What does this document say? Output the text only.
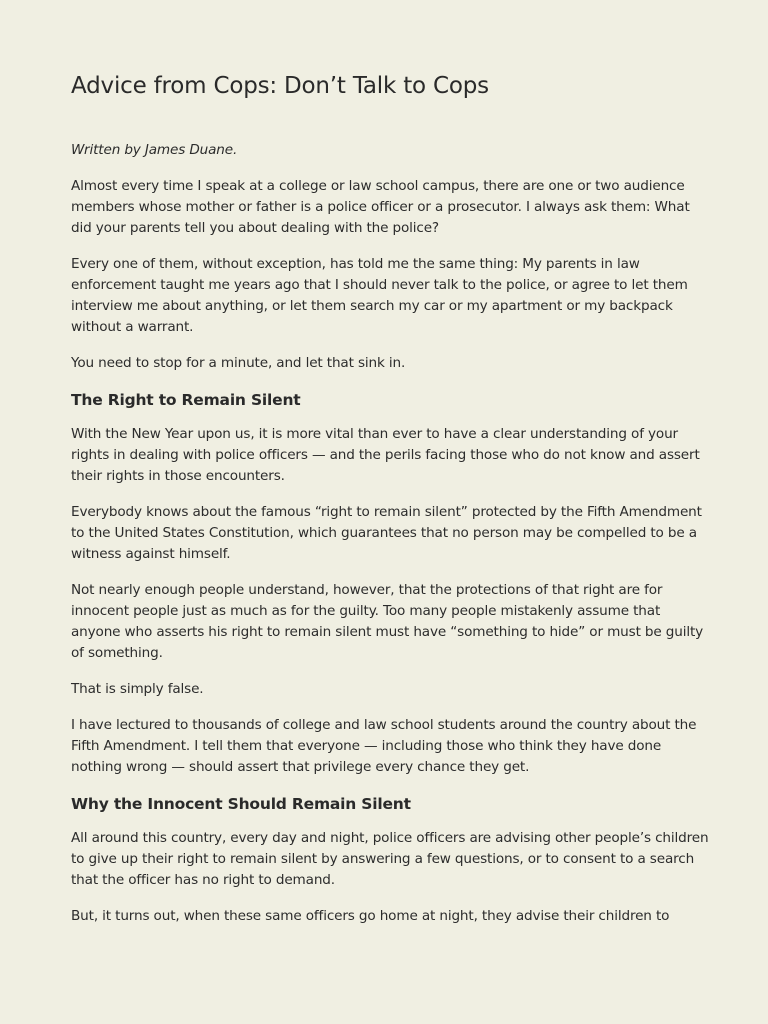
Advice from Cops: Don’t Talk to Cops

Written by James Duane.

Almost every time I speak at a college or law school campus, there are one or two audience members whose mother or father is a police officer or a prosecutor. I always ask them: What did your parents tell you about dealing with the police?

Every one of them, without exception, has told me the same thing: My parents in law enforcement taught me years ago that I should never talk to the police, or agree to let them interview me about anything, or let them search my car or my apartment or my backpack without a warrant.

You need to stop for a minute, and let that sink in.

The Right to Remain Silent

With the New Year upon us, it is more vital than ever to have a clear understanding of your rights in dealing with police officers — and the perils facing those who do not know and assert their rights in those encounters.

Everybody knows about the famous “right to remain silent” protected by the Fifth Amendment to the United States Constitution, which guarantees that no person may be compelled to be a witness against himself.

Not nearly enough people understand, however, that the protections of that right are for innocent people just as much as for the guilty. Too many people mistakenly assume that anyone who asserts his right to remain silent must have “something to hide” or must be guilty of something.

That is simply false.

I have lectured to thousands of college and law school students around the country about the Fifth Amendment. I tell them that everyone — including those who think they have done nothing wrong — should assert that privilege every chance they get.

Why the Innocent Should Remain Silent

All around this country, every day and night, police officers are advising other people’s children to give up their right to remain silent by answering a few questions, or to consent to a search that the officer has no right to demand.

But, it turns out, when these same officers go home at night, they advise their children to
